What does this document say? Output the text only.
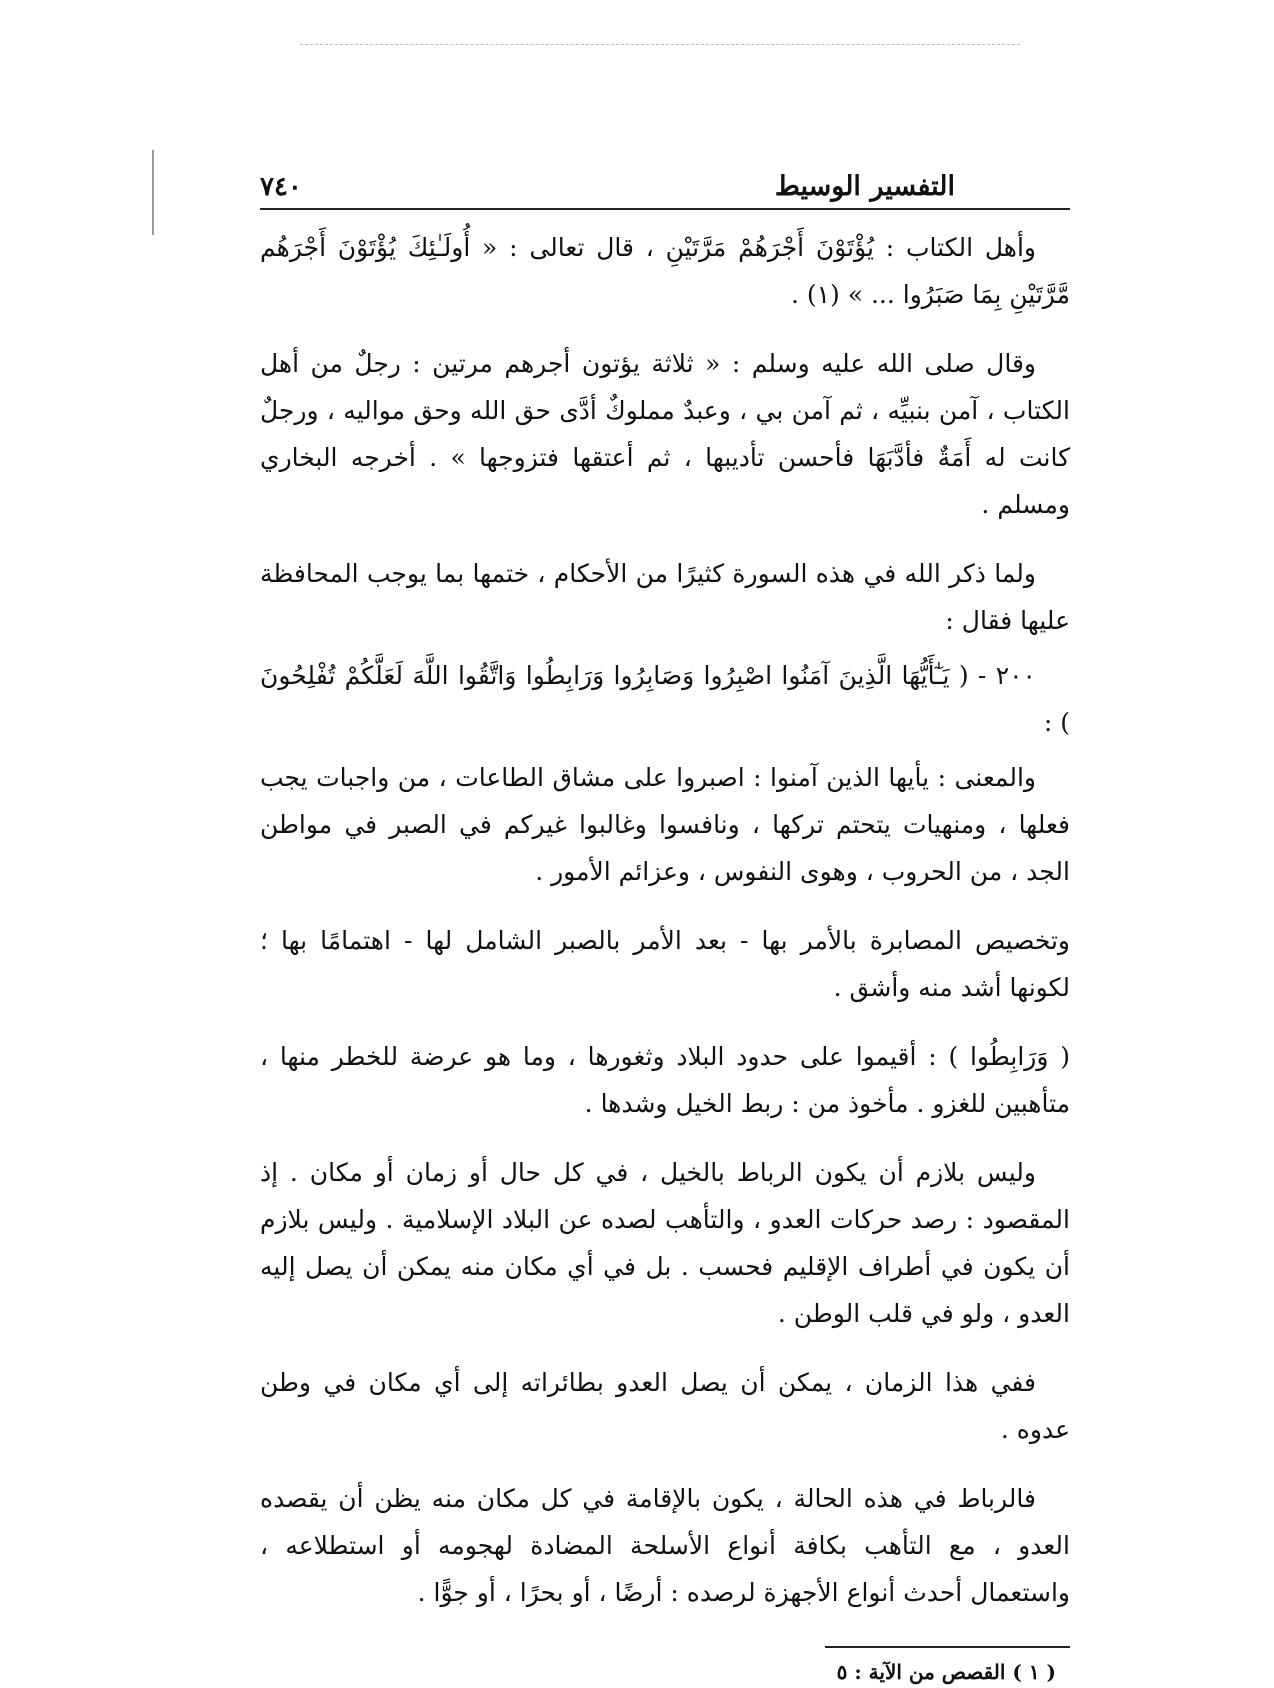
التفسير الوسيط
٧٤٠

وأهل الكتاب : يُؤْتَوْنَ أَجْرَهُمْ مَرَّتَيْنِ ، قال تعالى : « أُولَـٰئِكَ يُؤْتَوْنَ أَجْرَهُم مَّرَّتَيْنِ بِمَا صَبَرُوا ... » (١) .

وقال صلى الله عليه وسلم : « ثلاثة يؤتون أجرهم مرتين : رجلٌ من أهل الكتاب ، آمن بنبيِّه ، ثم آمن بي ، وعبدٌ مملوكٌ أدَّى حق الله وحق مواليه ، ورجلٌ كانت له أَمَةٌ فأدَّبَهَا فأحسن تأديبها ، ثم أعتقها فتزوجها » . أخرجه البخاري ومسلم .

ولما ذكر الله في هذه السورة كثيرًا من الأحكام ، ختمها بما يوجب المحافظة عليها فقال :

٢٠٠ - ( يَـٰٓأَيُّهَا الَّذِينَ آمَنُوا اصْبِرُوا وَصَابِرُوا وَرَابِطُوا وَاتَّقُوا اللَّهَ لَعَلَّكُمْ تُفْلِحُونَ ) :

والمعنى : يأيها الذين آمنوا : اصبروا على مشاق الطاعات ، من واجبات يجب فعلها ، ومنهيات يتحتم تركها ، ونافسوا وغالبوا غيركم في الصبر في مواطن الجد ، من الحروب ، وهوى النفوس ، وعزائم الأمور .

وتخصيص المصابرة بالأمر بها - بعد الأمر بالصبر الشامل لها - اهتمامًا بها ؛ لكونها أشد منه وأشق .

( وَرَابِطُوا ) : أقيموا على حدود البلاد وثغورها ، وما هو عرضة للخطر منها ، متأهبين للغزو . مأخوذ من : ربط الخيل وشدها .

وليس بلازم أن يكون الرباط بالخيل ، في كل حال أو زمان أو مكان . إذ المقصود : رصد حركات العدو ، والتأهب لصده عن البلاد الإسلامية . وليس بلازم أن يكون في أطراف الإقليم فحسب . بل في أي مكان منه يمكن أن يصل إليه العدو ، ولو في قلب الوطن .

ففي هذا الزمان ، يمكن أن يصل العدو بطائراته إلى أي مكان في وطن عدوه .

فالرباط في هذه الحالة ، يكون بالإقامة في كل مكان منه يظن أن يقصده العدو ، مع التأهب بكافة أنواع الأسلحة المضادة لهجومه أو استطلاعه ، واستعمال أحدث أنواع الأجهزة لرصده : أرضًا ، أو بحرًا ، أو جوًّا .

( ١ ) القصص من الآية : ٥
